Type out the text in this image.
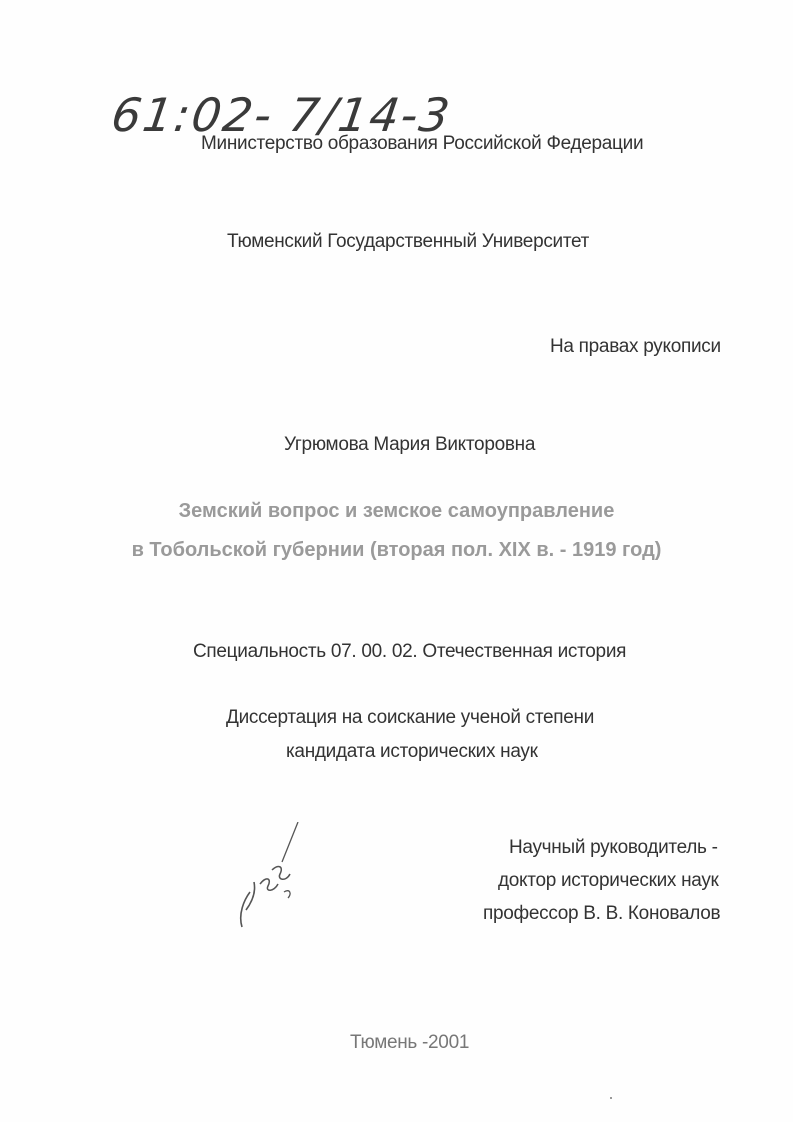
61:02- 7/14-3
Министерство образования Российской Федерации
Тюменский Государственный Университет
На правах рукописи
Угрюмова Мария Викторовна
Земский вопрос и земское самоуправление
в Тобольской губернии (вторая пол. XIX в. - 1919 год)
Специальность 07. 00. 02. Отечественная история
Диссертация на соискание ученой степени
кандидата исторических наук
Научный руководитель -
доктор исторических наук
профессор В. В. Коновалов
Тюмень -2001
